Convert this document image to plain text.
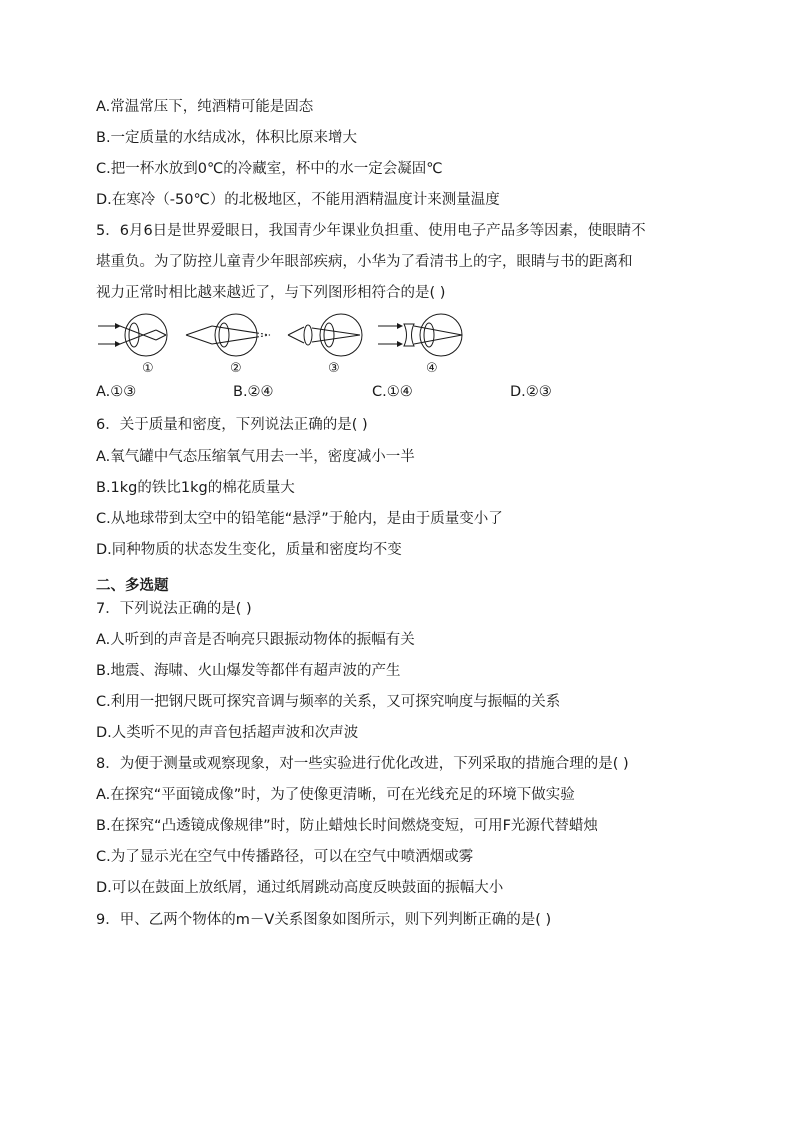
A.常温常压下，纯酒精可能是固态
B.一定质量的水结成冰，体积比原来增大
C.把一杯水放到0℃的冷藏室，杯中的水一定会凝固℃
D.在寒冷（-50℃）的北极地区，不能用酒精温度计来测量温度
5．6月6日是世界爱眼日，我国青少年课业负担重、使用电子产品多等因素，使眼睛不
堪重负。为了防控儿童青少年眼部疾病，小华为了看清书上的字，眼睛与书的距离和
视力正常时相比越来越近了，与下列图形相符合的是( )
①	②	③	④
A.①③	B.②④	C.①④	D.②③
6．关于质量和密度，下列说法正确的是( )
A.氧气罐中气态压缩氧气用去一半，密度减小一半
B.1kg的铁比1kg的棉花质量大
C.从地球带到太空中的铅笔能“悬浮”于舱内，是由于质量变小了
D.同种物质的状态发生变化，质量和密度均不变
二、多选题
7．下列说法正确的是( )
A.人听到的声音是否响亮只跟振动物体的振幅有关
B.地震、海啸、火山爆发等都伴有超声波的产生
C.利用一把钢尺既可探究音调与频率的关系，又可探究响度与振幅的关系
D.人类听不见的声音包括超声波和次声波
8．为便于测量或观察现象，对一些实验进行优化改进，下列采取的措施合理的是( )
A.在探究“平面镜成像”时，为了使像更清晰，可在光线充足的环境下做实验
B.在探究“凸透镜成像规律”时，防止蜡烛长时间燃烧变短，可用F光源代替蜡烛
C.为了显示光在空气中传播路径，可以在空气中喷洒烟或雾
D.可以在鼓面上放纸屑，通过纸屑跳动高度反映鼓面的振幅大小
9．甲、乙两个物体的m－V关系图象如图所示，则下列判断正确的是( )
